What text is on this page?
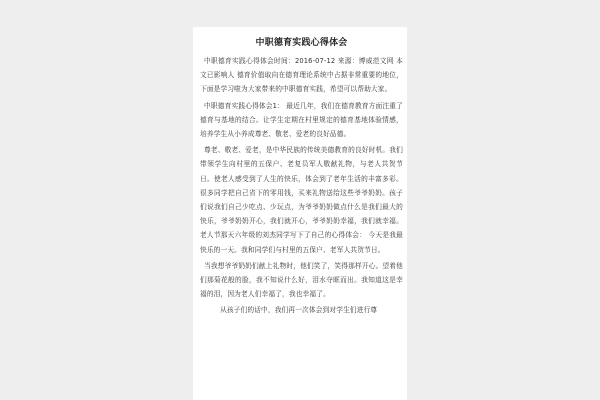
中职德育实践心得体会

中职德育实践心得体会时间：2016-07-12 来源：博威范文网 本文已影响人 德育价值取向在德育理论系统中占据非常重要的地位，下面是学习啦为大家带来的中职德育实践，希望可以帮助大家。

中职德育实践心得体会1： 最近几年，我们在德育教育方面注重了德育与基地的结合。让学生定期在村里规定的德育基地体验情感，培养学生从小养成尊老、敬老、爱老的良好品德。

尊老、敬老、爱老，是中华民族的传统美德教育的良好时机。我们带领学生向村里的五保户、老复员军人敬献礼物，与老人共贺节日。使老人感受到了人生的快乐，体会到了老年生活的丰富多彩。很多同学把自己省下的零用钱，买来礼物送给这些爷爷奶奶。孩子们说我们自己少吃点、少玩点，为爷爷奶奶做点什么是我们最大的快乐，爷爷奶奶开心，我们就开心，爷爷奶奶幸福，我们就幸福。老人节那天六年级的刘杰同学写下了自己的心得体会： 今天是我最快乐的一天。我和同学们与村里的五保户、老军人共贺节日。

当我想爷爷奶奶们献上礼物时，他们笑了，笑得那样开心。望着他们那菊花般的脸，我不知说什么好，泪水夺眶而出。我知道这是幸福的泪，因为老人们幸福了，我也幸福了。

从孩子们的话中，我们再一次体会到对学生们进行尊
